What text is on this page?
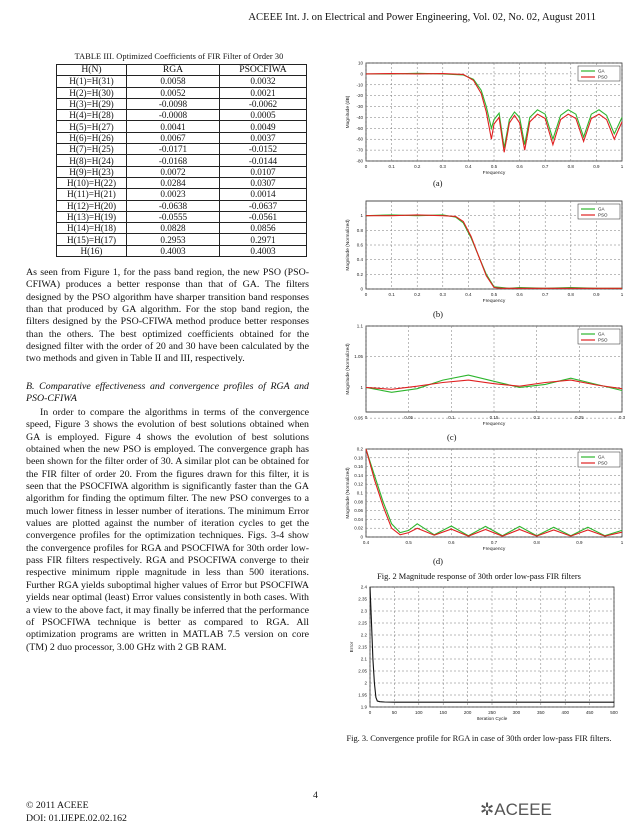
ACEEE Int. J. on Electrical and Power Engineering, Vol. 02, No. 02, August 2011
TABLE III. Optimized Coefficients of FIR Filter of Order 30
H(N)	RGA	PSOCFIWA
H(1)=H(31)	0.0058	0.0032
H(2)=H(30)	0.0052	0.0021
H(3)=H(29)	-0.0098	-0.0062
H(4)=H(28)	-0.0008	0.0005
H(5)=H(27)	0.0041	0.0049
H(6)=H(26)	0.0067	0.0037
H(7)=H(25)	-0.0171	-0.0152
H(8)=H(24)	-0.0168	-0.0144
H(9)=H(23)	0.0072	0.0107
H(10)=H(22)	0.0284	0.0307
H(11)=H(21)	0.0023	0.0014
H(12)=H(20)	-0.0638	-0.0637
H(13)=H(19)	-0.0555	-0.0561
H(14)=H(18)	0.0828	0.0856
H(15)=H(17)	0.2953	0.2971
H(16)	0.4003	0.4003
As seen from Figure 1, for the pass band region, the new PSO (PSO-CFIWA) produces a better response than that of GA. The filters designed by the PSO algorithm have sharper transition band responses than that produced by GA algorithm. For the stop band region, the filters designed by the PSO-CFIWA method produce better responses than the others. The best optimized coefficients obtained for the designed filter with the order of 20 and 30 have been calculated by the two methods and given in Table II and III, respectively.
B. Comparative effectiveness and convergence profiles of RGA and PSO-CFIWA
In order to compare the algorithms in terms of the convergence speed, Figure 3 shows the evolution of best solutions obtained when GA is employed. Figure 4 shows the evolution of best solutions obtained when the new PSO is employed. The convergence graph has been shown for the filter order of 30. A similar plot can be obtained for the FIR filter of order 20. From the figures drawn for this filter, it is seen that the PSOCFIWA algorithm is significantly faster than the GA algorithm for finding the optimum filter. The new PSO converges to a much lower fitness in lesser number of iterations. The minimum Error values are plotted against the number of iteration cycles to get the convergence profiles for the optimization techniques. Figs. 3-4 show the convergence profiles for RGA and PSOCFIWA for 30th order low-pass FIR filters respectively. RGA and PSOCFIWA converge to their respective minimum ripple magnitude in less than 500 iterations. Further RGA yields suboptimal higher values of Error but PSOCFIWA yields near optimal (least) Error values consistently in both cases. With a view to the above fact, it may finally be inferred that the performance of PSOCFIWA technique is better as compared to RGA. All optimization programs are written in MATLAB 7.5 version on core (TM) 2 duo processor, 3.00 GHz with 2 GB RAM.
0	0.1	0.2	0.3	0.4	0.5	0.6	0.7	0.8	0.9	1
10
0
-10
-20
-30
-40
-50
-60
-70
-80
Frequency
Magnitude (dB)
GA
PSO
(a)
0	0.1	0.2	0.3	0.4	0.5	0.6	0.7	0.8	0.9	1
1
0.8
0.6
0.4
0.2
0
Frequency
Magnitude (Normalized)
GA
PSO
(b)
0	0.05	0.1	0.15	0.2	0.25	0.3
1.1
1.05
1
0.95
Frequency
Magnitude (Normalized)
GA
PSO
(c)
0.4	0.5	0.6	0.7	0.8	0.9	1
0.2
0.18
0.16
0.14
0.12
0.1
0.08
0.06
0.04
0.02
0
Frequency
Magnitude (Normalized)
GA
PSO
(d)
Fig. 2 Magnitude response of 30th order low-pass FIR filters
0	50	100	150	200	250	300	350	400	450	500
2.4
2.35
2.3
2.25
2.2
2.15
2.1
2.05
2
1.95
1.9
Iteration Cycle
Error
Fig. 3. Convergence profile for RGA in case of 30th order low-pass FIR filters.
4
© 2011 ACEEE
DOI: 01.IJEPE.02.02.162	✲ACEEE
